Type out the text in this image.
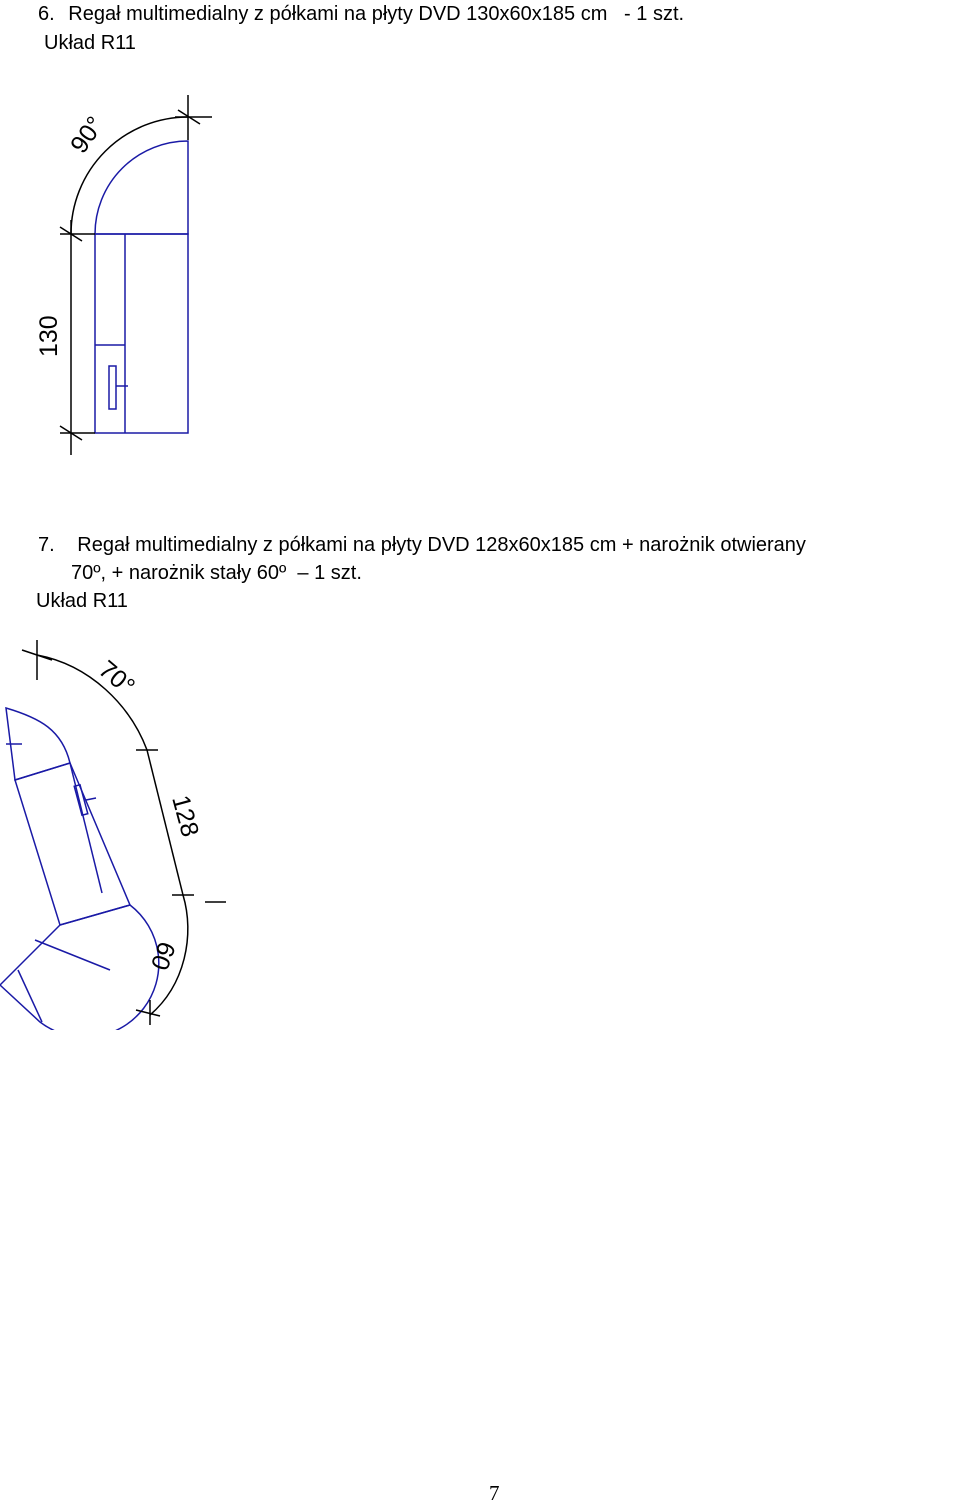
6. Regał multimedialny z półkami na płyty DVD 130x60x185 cm   - 1 szt.
Układ R11
90°
130
7. Regał multimedialny z półkami na płyty DVD 128x60x185 cm + narożnik otwierany
70º, + narożnik stały 60º  – 1 szt.
Układ R11
70°
128
60
7
